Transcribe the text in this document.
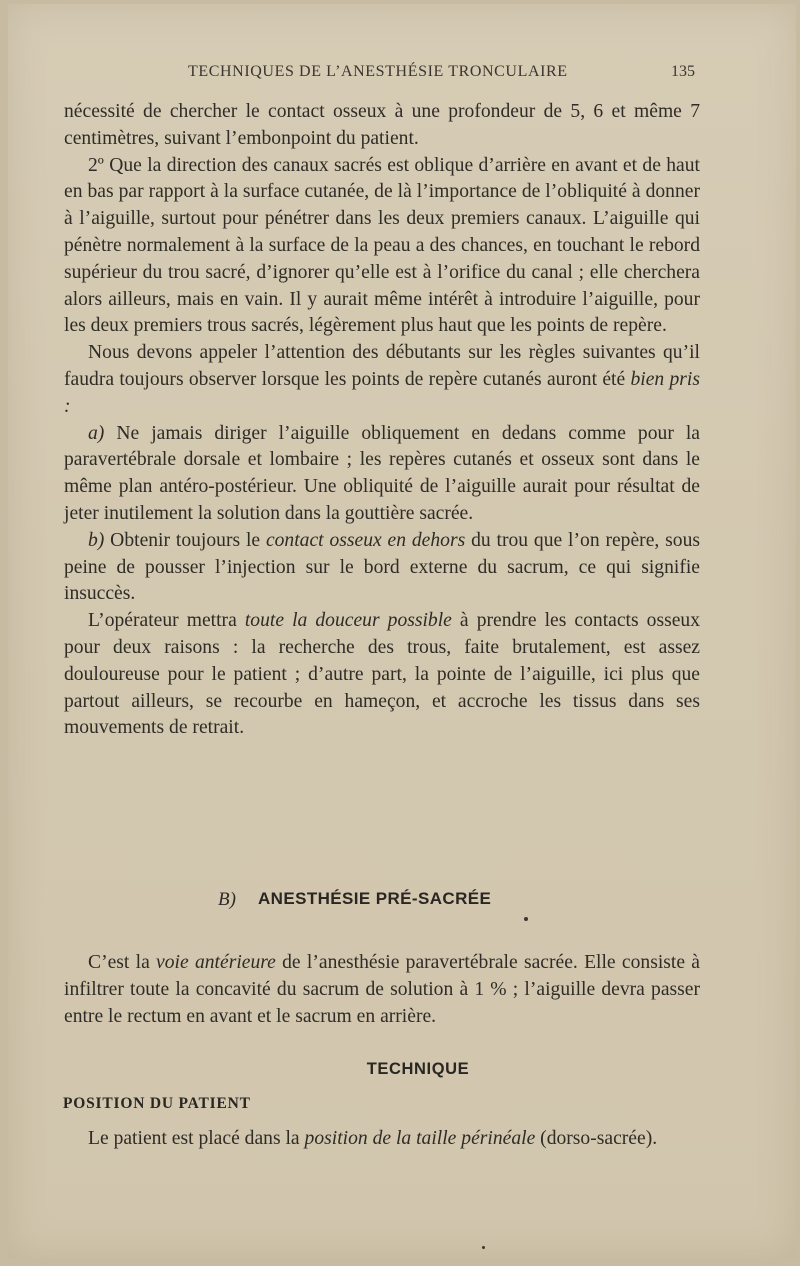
TECHNIQUES DE L’ANESTHÉSIE TRONCULAIRE	135

nécessité de chercher le contact osseux à une profondeur de 5, 6 et même 7 centimètres, suivant l’embonpoint du patient.

2º Que la direction des canaux sacrés est oblique d’arrière en avant et de haut en bas par rapport à la surface cutanée, de là l’importance de l’obliquité à donner à l’aiguille, surtout pour pénétrer dans les deux premiers canaux. L’aiguille qui pénètre normalement à la surface de la peau a des chances, en touchant le rebord supérieur du trou sacré, d’ignorer qu’elle est à l’orifice du canal ; elle cherchera alors ailleurs, mais en vain. Il y aurait même intérêt à introduire l’aiguille, pour les deux premiers trous sacrés, légèrement plus haut que les points de repère.

Nous devons appeler l’attention des débutants sur les règles suivantes qu’il faudra toujours observer lorsque les points de repère cutanés auront été bien pris :

a) Ne jamais diriger l’aiguille obliquement en dedans comme pour la paravertébrale dorsale et lombaire ; les repères cutanés et osseux sont dans le même plan antéro-postérieur. Une obliquité de l’aiguille aurait pour résultat de jeter inutilement la solution dans la gouttière sacrée.

b) Obtenir toujours le contact osseux en dehors du trou que l’on repère, sous peine de pousser l’injection sur le bord externe du sacrum, ce qui signifie insuccès.

L’opérateur mettra toute la douceur possible à prendre les contacts osseux pour deux raisons : la recherche des trous, faite brutalement, est assez douloureuse pour le patient ; d’autre part, la pointe de l’aiguille, ici plus que partout ailleurs, se recourbe en hameçon, et accroche les tissus dans ses mouvements de retrait.

B) ANESTHÉSIE PRÉ-SACRÉE

C’est la voie antérieure de l’anesthésie paravertébrale sacrée. Elle consiste à infiltrer toute la concavité du sacrum de solution à 1 % ; l’aiguille devra passer entre le rectum en avant et le sacrum en arrière.

TECHNIQUE
POSITION DU PATIENT

Le patient est placé dans la position de la taille périnéale (dorso-sacrée).
